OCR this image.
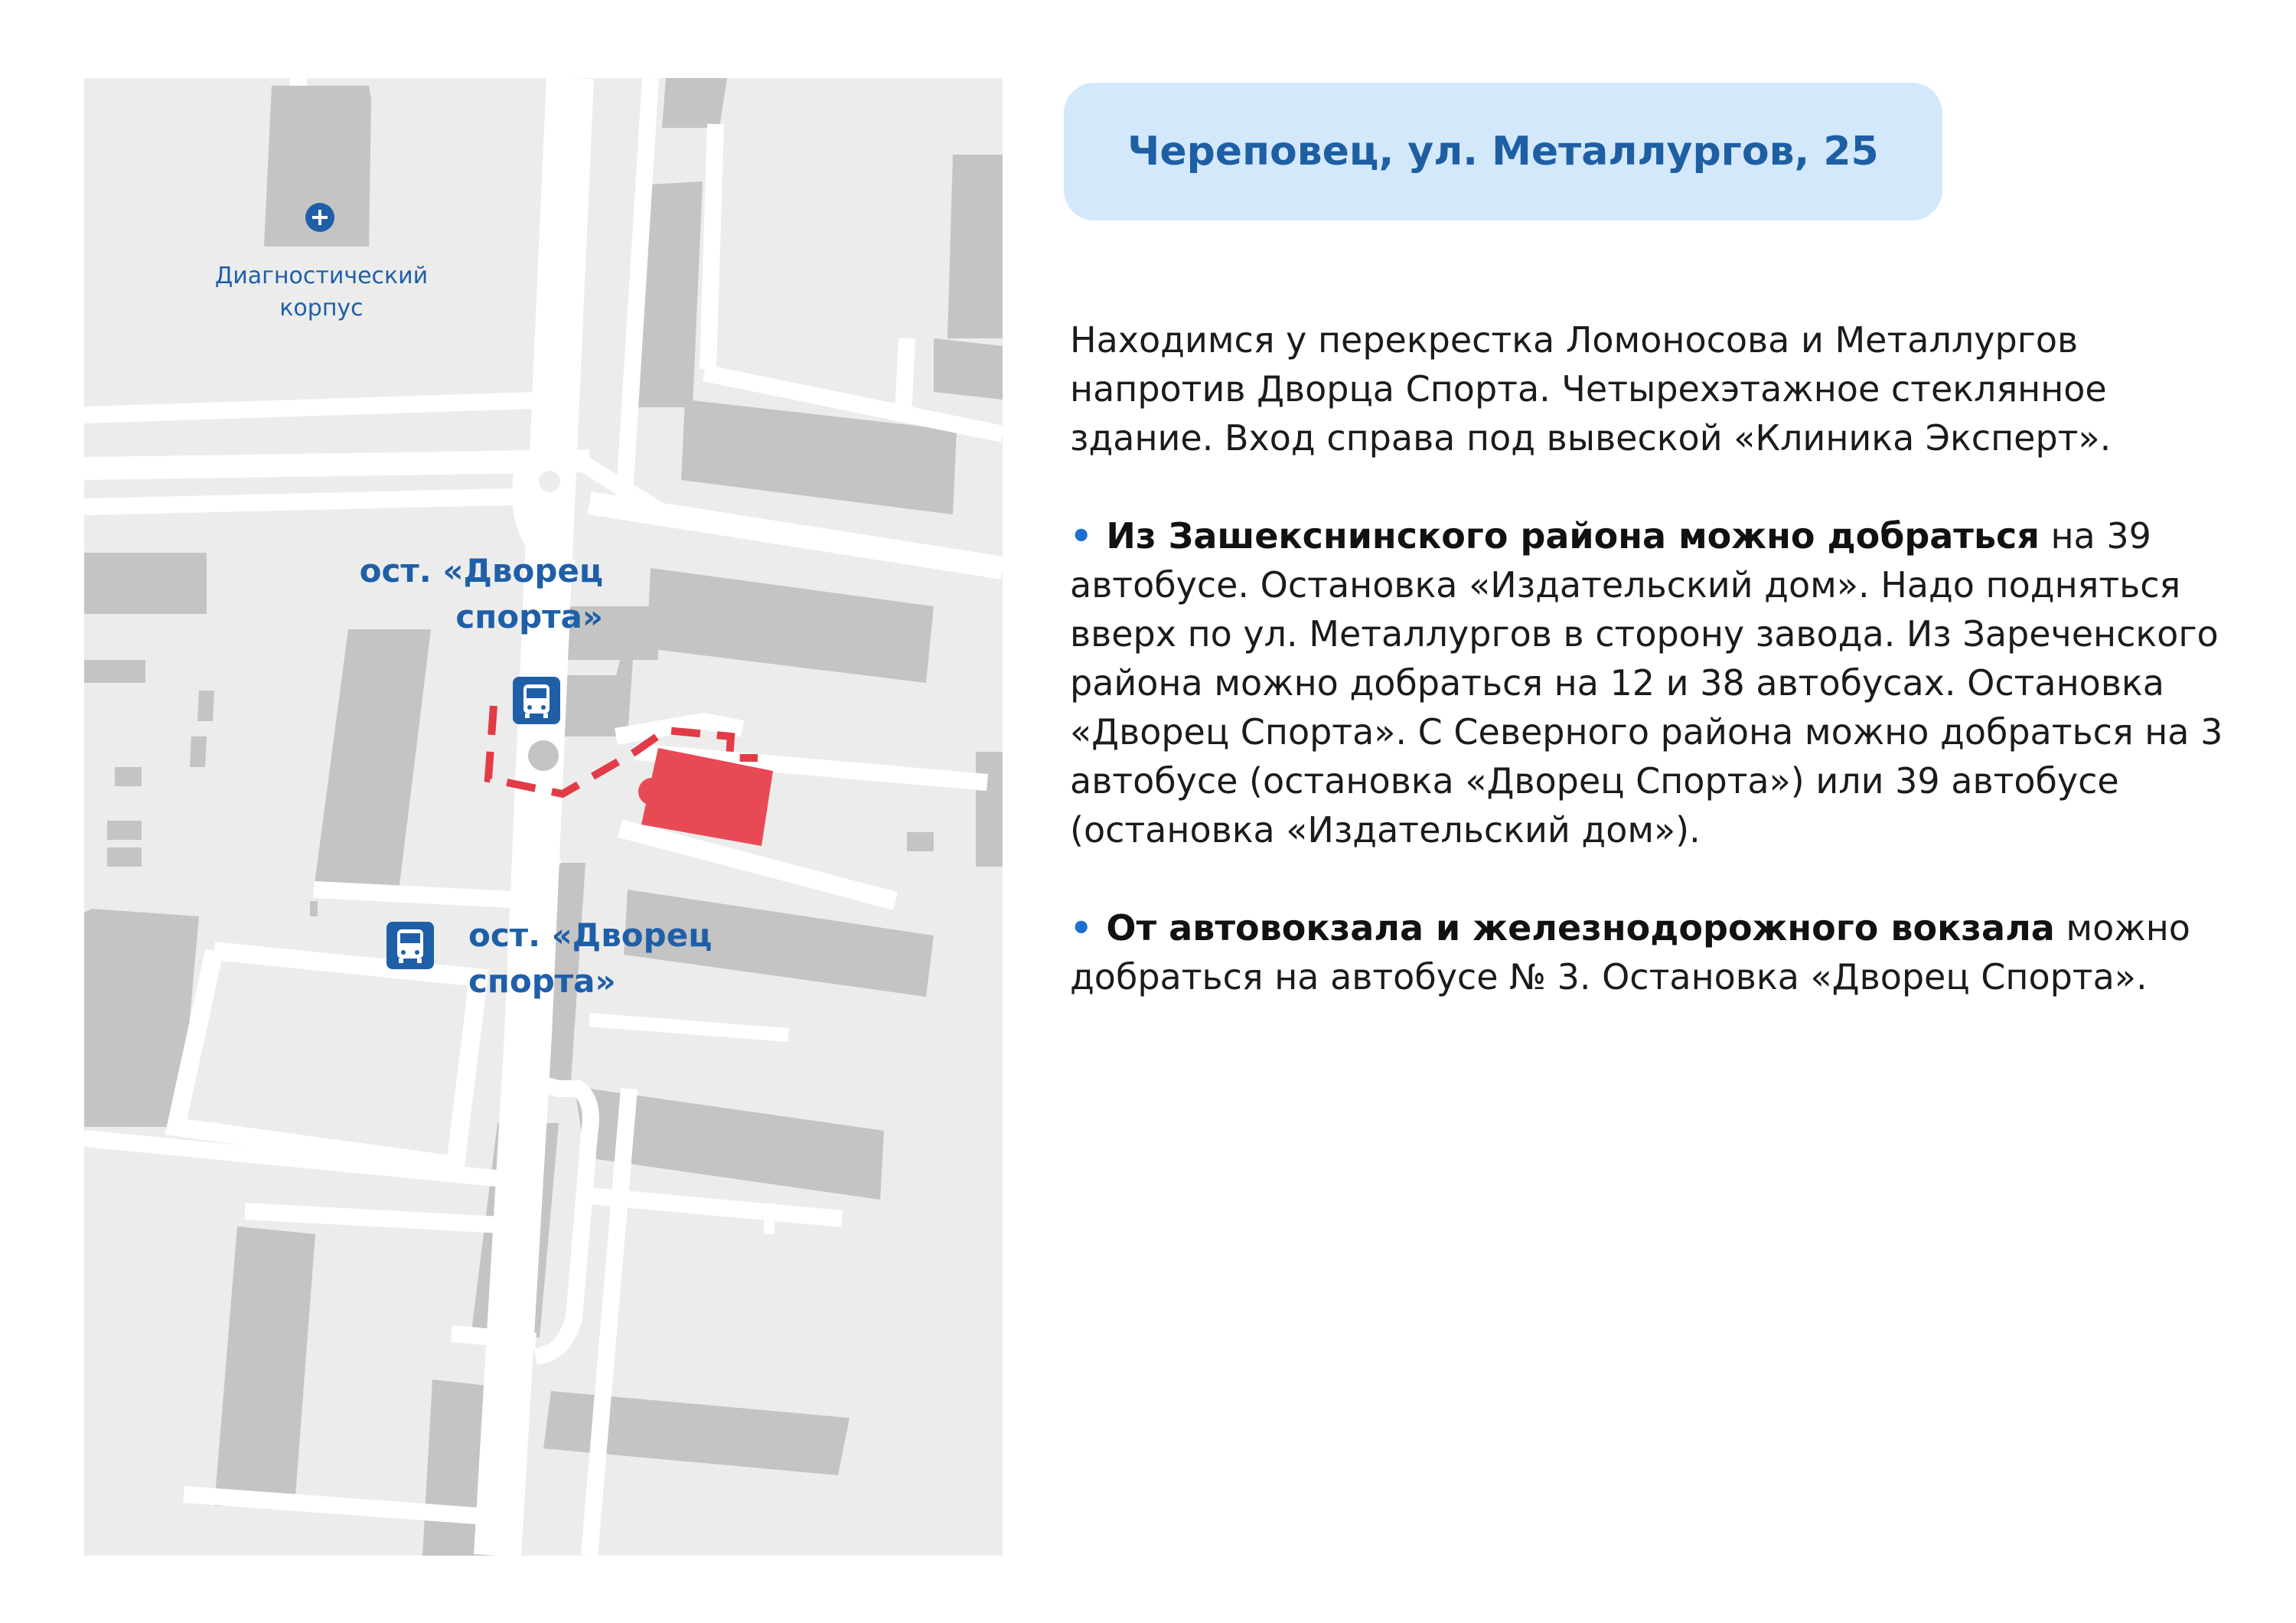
Диагностический
корпус
ост. «Дворец
спорта»
ост. «Дворец
спорта»
Череповец, ул. Металлургов, 25

Находимся у перекрестка Ломоносова и Металлургов напротив Дворца Спорта. Четырехэтажное стеклянное здание. Вход справа под вывеской «Клиника Эксперт».

• Из Зашекснинского района можно добраться на 39 автобусе. Остановка «Издательский дом». Надо подняться вверх по ул. Металлургов в сторону завода. Из Зареченского района можно добраться на 12 и 38 автобусах. Остановка «Дворец Спорта». С Северного района можно добраться на 3 автобусе (остановка «Дворец Спорта») или 39 автобусе (остановка «Издательский дом»).

• От автовокзала и железнодорожного вокзала можно добраться на автобусе № 3. Остановка «Дворец Спорта».
